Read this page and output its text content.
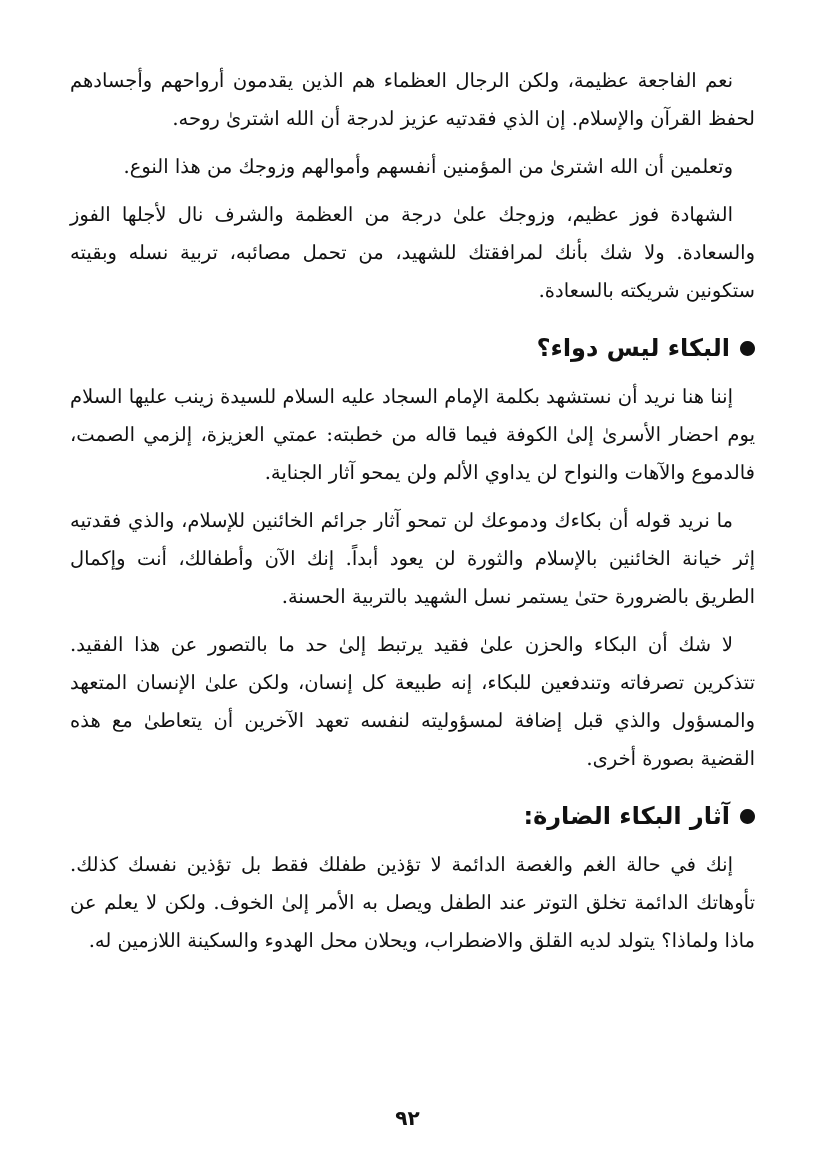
نعم الفاجعة عظيمة، ولكن الرجال العظماء هم الذين يقدمون أرواحهم وأجسادهم لحفظ القرآن والإسلام. إن الذي فقدتيه عزيز لدرجة أن الله اشترىٰ روحه.

وتعلمين أن الله اشترىٰ من المؤمنين أنفسهم وأموالهم وزوجك من هذا النوع.

الشهادة فوز عظيم، وزوجك علىٰ درجة من العظمة والشرف نال لأجلها الفوز والسعادة. ولا شك بأنك لمرافقتك للشهيد، من تحمل مصائبه، تربية نسله وبقيته ستكونين شريكته بالسعادة.

البكاء ليس دواء؟

إننا هنا نريد أن نستشهد بكلمة الإمام السجاد عليه السلام للسيدة زينب عليها السلام يوم احضار الأسرىٰ إلىٰ الكوفة فيما قاله من خطبته: عمتي العزيزة، إلزمي الصمت، فالدموع والآهات والنواح لن يداوي الألم ولن يمحو آثار الجناية.

ما نريد قوله أن بكاءك ودموعك لن تمحو آثار جرائم الخائنين للإسلام، والذي فقدتيه إثر خيانة الخائنين بالإسلام والثورة لن يعود أبداً. إنك الآن وأطفالك، أنت وإكمال الطريق بالضرورة حتىٰ يستمر نسل الشهيد بالتربية الحسنة.

لا شك أن البكاء والحزن علىٰ فقيد يرتبط إلىٰ حد ما بالتصور عن هذا الفقيد. تتذكرين تصرفاته وتندفعين للبكاء، إنه طبيعة كل إنسان، ولكن علىٰ الإنسان المتعهد والمسؤول والذي قبل إضافة لمسؤوليته لنفسه تعهد الآخرين أن يتعاطىٰ مع هذه القضية بصورة أخرى.

آثار البكاء الضارة:

إنك في حالة الغم والغصة الدائمة لا تؤذين طفلك فقط بل تؤذين نفسك كذلك. تأوهاتك الدائمة تخلق التوتر عند الطفل ويصل به الأمر إلىٰ الخوف. ولكن لا يعلم عن ماذا ولماذا؟ يتولد لديه القلق والاضطراب، ويحلان محل الهدوء والسكينة اللازمين له.

٩٢
